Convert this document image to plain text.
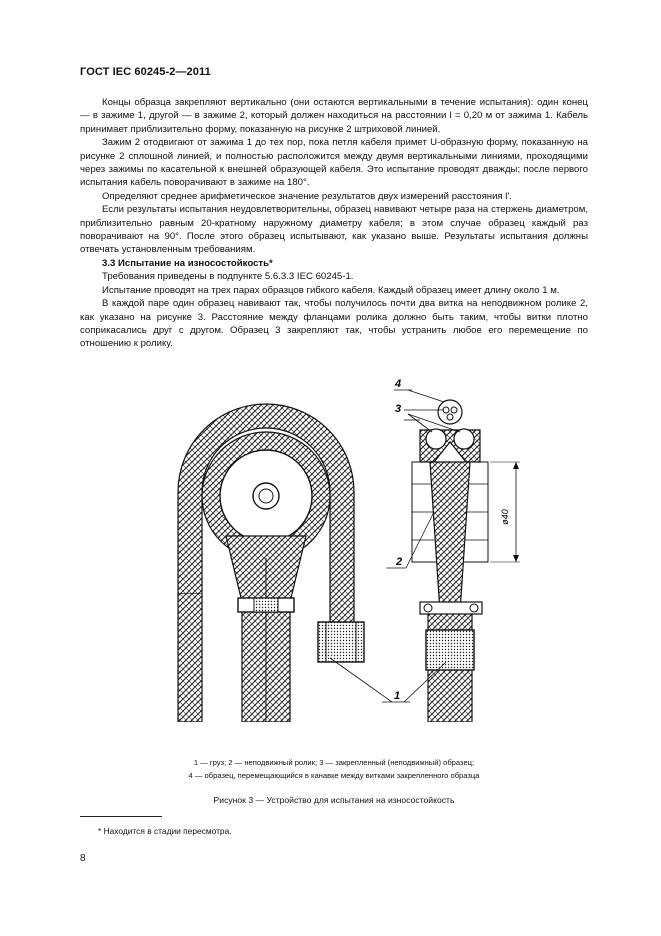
ГОСТ IEC 60245-2—2011

Концы образца закрепляют вертикально (они остаются вертикальными в течение испытания): один конец — в зажиме 1, другой — в зажиме 2, который должен находиться на расстоянии l = 0,20 м от зажима 1. Кабель принимает приблизительно форму, показанную на рисунке 2 штриховой линией.

Зажим 2 отодвигают от зажима 1 до тех пор, пока петля кабеля примет U-образную форму, показанную на рисунке 2 сплошной линией, и полностью расположится между двумя вертикальными линиями, проходящими через зажимы по касательной к внешней образующей кабеля. Это испытание проводят дважды; после первого испытания кабель поворачивают в зажиме на 180°.

Определяют среднее арифметическое значение результатов двух измерений расстояния l'.

Если результаты испытания неудовлетворительны, образец навивают четыре раза на стержень диаметром, приблизительно равным 20-кратному наружному диаметру кабеля; в этом случае образец каждый раз поворачивают на 90°. После этого образец испытывают, как указано выше. Результаты испытания должны отвечать установленным требованиям.

3.3 Испытание на износостойкость*

Требования приведены в подпункте 5.6.3.3 IEC 60245-1.

Испытание проводят на трех парах образцов гибкого кабеля. Каждый образец имеет длину около 1 м.

В каждой паре один образец навивают так, чтобы получилось почти два витка на неподвижном ролике 2, как указано на рисунке 3. Расстояние между фланцами ролика должно быть таким, чтобы витки плотно соприкасались друг с другом. Образец 3 закрепляют так, чтобы устранить любое его перемещение по отношению к ролику.

ø40
2
4
3
1
1 — груз; 2 — неподвижный ролик; 3 — закрепленный (неподвижный) образец;
4 — образец, перемещающийся в канавке между витками закрепленного образца
Рисунок 3 — Устройство для испытания на износостойкость
* Находится в стадии пересмотра.
8
